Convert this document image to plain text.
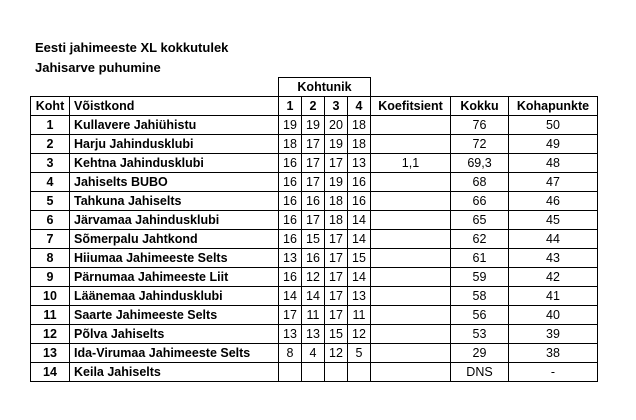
Eesti jahimeeste XL kokkutulek
Jahisarve puhumine
		Kohtunik						
Koht	Võistkond	1	2	3	4	Koefitsient	Kokku	Kohapunkte
1	Kullavere Jahiühistu	19	19	20	18		76	50
2	Harju Jahindusklubi	18	17	19	18		72	49
3	Kehtna Jahindusklubi	16	17	17	13	1,1	69,3	48
4	Jahiselts BUBO	16	17	19	16		68	47
5	Tahkuna Jahiselts	16	16	18	16		66	46
6	Järvamaa Jahindusklubi	16	17	18	14		65	45
7	Sõmerpalu Jahtkond	16	15	17	14		62	44
8	Hiiumaa Jahimeeste Selts	13	16	17	15		61	43
9	Pärnumaa Jahimeeste Liit	16	12	17	14		59	42
10	Läänemaa Jahindusklubi	14	14	17	13		58	41
11	Saarte Jahimeeste Selts	17	11	17	11		56	40
12	Põlva Jahiselts	13	13	15	12		53	39
13	Ida-Virumaa Jahimeeste Selts	8	4	12	5		29	38
14	Keila Jahiselts						DNS	-
